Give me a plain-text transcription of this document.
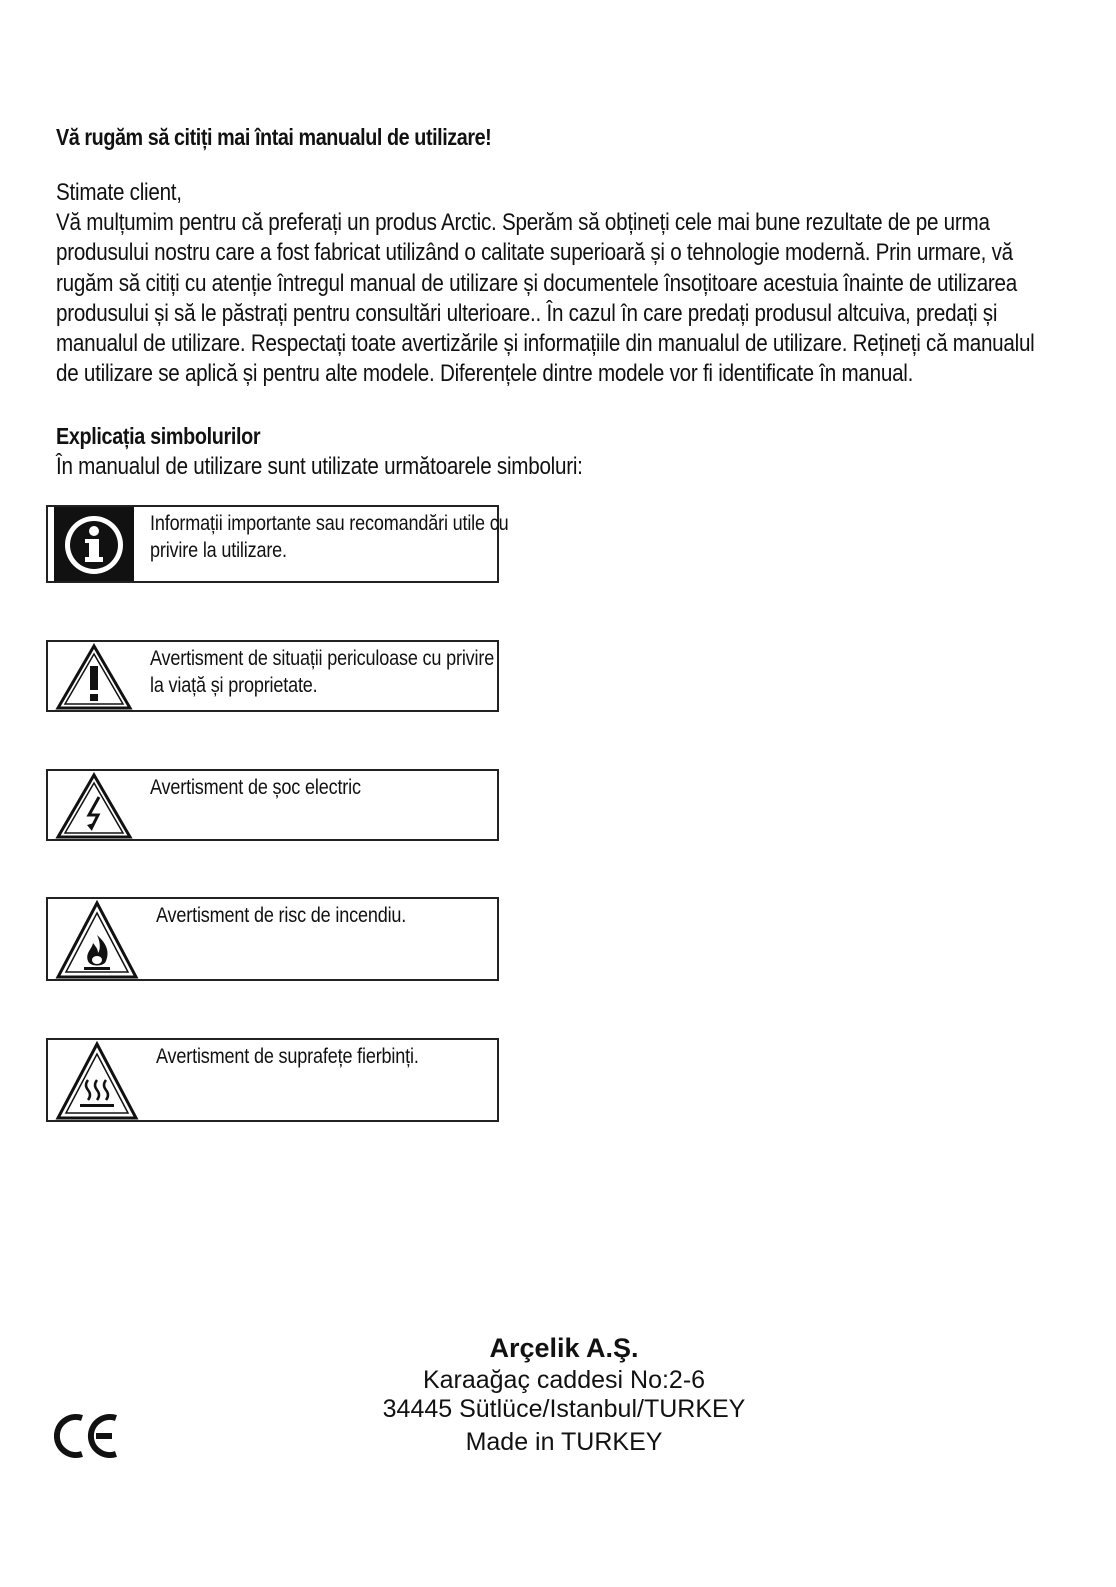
Vă rugăm să citiți mai întai manualul de utilizare!

Stimate client,

Vă mulțumim pentru că preferați un produs Arctic. Sperăm să obțineți cele mai bune rezultate de pe urma produsului nostru care a fost fabricat utilizând o calitate superioară și o tehnologie modernă. Prin urmare, vă rugăm să citiți cu atenție întregul manual de utilizare și documentele însoțitoare acestuia înainte de utilizarea produsului și să le păstrați pentru consultări ulterioare.. În cazul în care predați produsul altcuiva, predați și manualul de utilizare. Respectați toate avertizările și informațiile din manualul de utilizare. Rețineți că manualul de utilizare se aplică și pentru alte modele. Diferențele dintre modele vor fi identificate în manual.

Explicația simbolurilor
În manualul de utilizare sunt utilizate următoarele simboluri:
Informații importante sau recomandări utile cu privire la utilizare.
Avertisment de situații periculoase cu privire la viață și proprietate.
Avertisment de șoc electric
Avertisment de risc de incendiu.
Avertisment de suprafețe fierbinți.
Arçelik A.Ş.
Karaağaç caddesi No:2-6
34445 Sütlüce/Istanbul/TURKEY
Made in TURKEY
